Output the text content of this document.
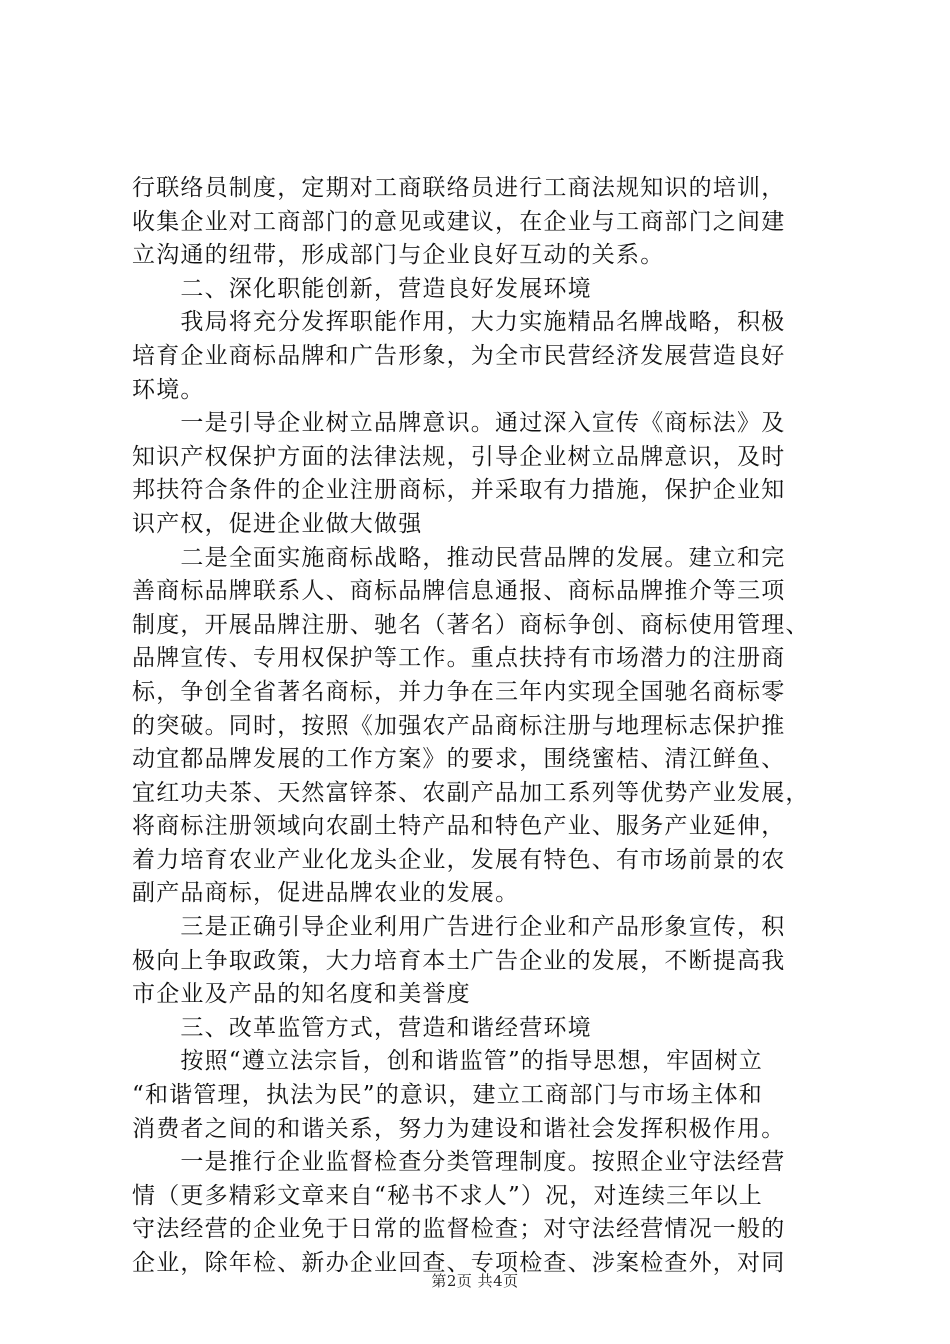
行联络员制度，定期对工商联络员进行工商法规知识的培训，
收集企业对工商部门的意见或建议，在企业与工商部门之间建
立沟通的纽带，形成部门与企业良好互动的关系。
　　二、深化职能创新，营造良好发展环境
　　我局将充分发挥职能作用，大力实施精品名牌战略，积极
培育企业商标品牌和广告形象，为全市民营经济发展营造良好
环境。
　　一是引导企业树立品牌意识。通过深入宣传《商标法》及
知识产权保护方面的法律法规，引导企业树立品牌意识，及时
邦扶符合条件的企业注册商标，并采取有力措施，保护企业知
识产权，促进企业做大做强
　　二是全面实施商标战略，推动民营品牌的发展。建立和完
善商标品牌联系人、商标品牌信息通报、商标品牌推介等三项
制度，开展品牌注册、驰名（著名）商标争创、商标使用管理、
品牌宣传、专用权保护等工作。重点扶持有市场潜力的注册商
标，争创全省著名商标，并力争在三年内实现全国驰名商标零
的突破。同时，按照《加强农产品商标注册与地理标志保护推
动宜都品牌发展的工作方案》的要求，围绕蜜桔、清江鲜鱼、
宜红功夫茶、天然富锌茶、农副产品加工系列等优势产业发展，
将商标注册领域向农副土特产品和特色产业、服务产业延伸，
着力培育农业产业化龙头企业，发展有特色、有市场前景的农
副产品商标，促进品牌农业的发展。
　　三是正确引导企业利用广告进行企业和产品形象宣传，积
极向上争取政策，大力培育本土广告企业的发展，不断提高我
市企业及产品的知名度和美誉度
　　三、改革监管方式，营造和谐经营环境
　　按照“遵立法宗旨，创和谐监管”的指导思想，牢固树立
“和谐管理，执法为民”的意识，建立工商部门与市场主体和
消费者之间的和谐关系，努力为建设和谐社会发挥积极作用。
　　一是推行企业监督检查分类管理制度。按照企业守法经营
情（更多精彩文章来自“秘书不求人”）况，对连续三年以上
守法经营的企业免于日常的监督检查；对守法经营情况一般的
企业，除年检、新办企业回查、专项检查、涉案检查外，对同
第2页 共4页
